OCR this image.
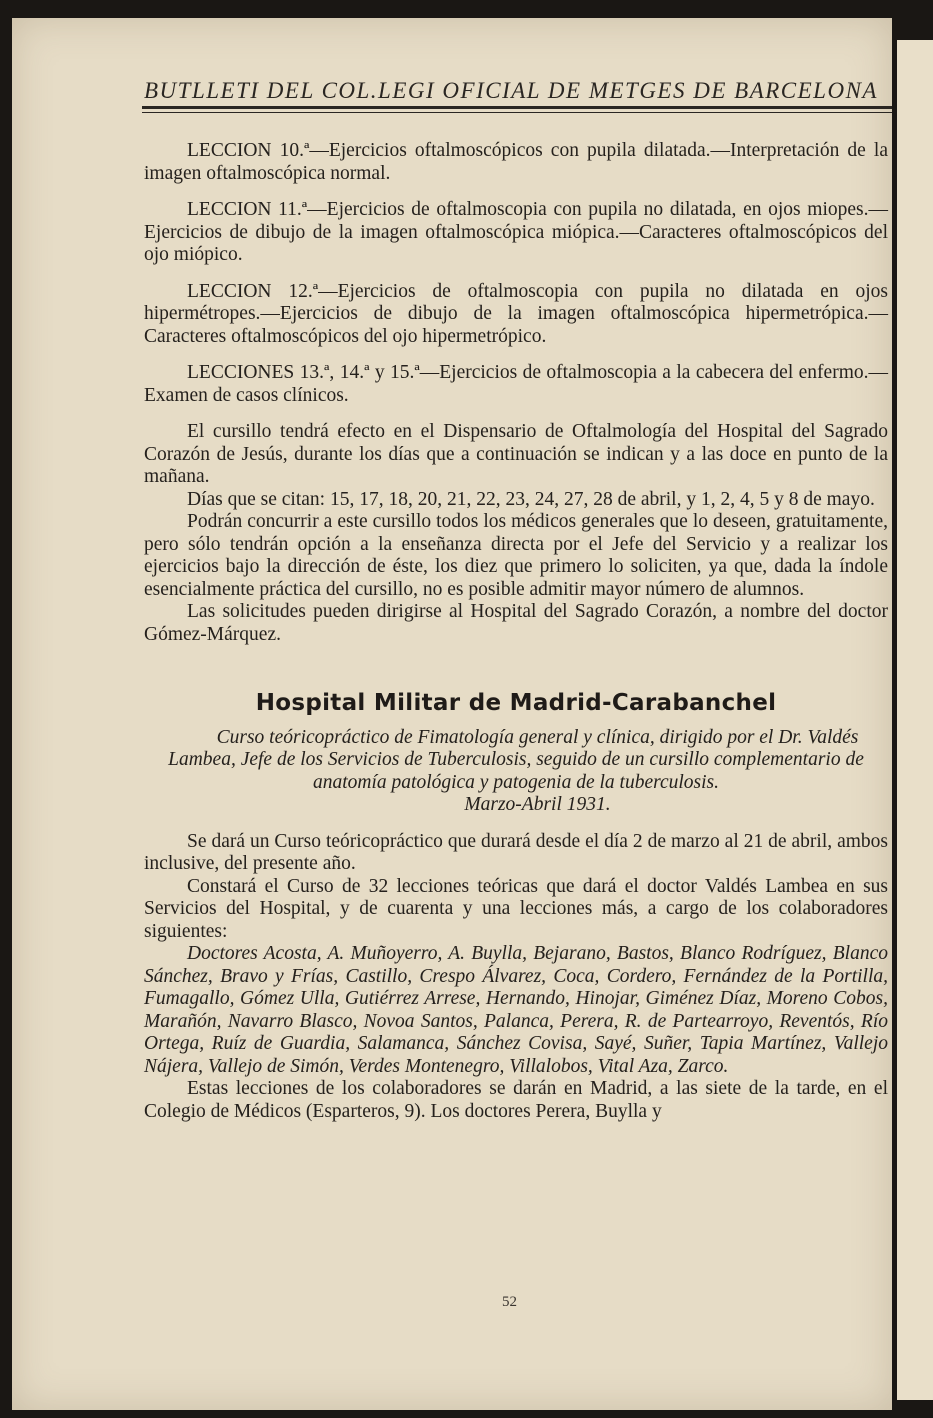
BUTLLETI DEL COL.LEGI OFICIAL DE METGES DE BARCELONA

LECCION 10.ª—Ejercicios oftalmoscópicos con pupila dilatada.—Interpretación de la imagen oftalmoscópica normal.

LECCION 11.ª—Ejercicios de oftalmoscopia con pupila no dilatada, en ojos miopes.—Ejercicios de dibujo de la imagen oftalmoscópica miópica.—Caracteres oftalmoscópicos del ojo miópico.

LECCION 12.ª—Ejercicios de oftalmoscopia con pupila no dilatada en ojos hipermétropes.—Ejercicios de dibujo de la imagen oftalmoscópica hipermetrópica.—Caracteres oftalmoscópicos del ojo hipermetrópico.

LECCIONES 13.ª, 14.ª y 15.ª—Ejercicios de oftalmoscopia a la cabecera del enfermo.—Examen de casos clínicos.

El cursillo tendrá efecto en el Dispensario de Oftalmología del Hospital del Sagrado Corazón de Jesús, durante los días que a continuación se indican y a las doce en punto de la mañana.

Días que se citan: 15, 17, 18, 20, 21, 22, 23, 24, 27, 28 de abril, y 1, 2, 4, 5 y 8 de mayo.

Podrán concurrir a este cursillo todos los médicos generales que lo deseen, gratuitamente, pero sólo tendrán opción a la enseñanza directa por el Jefe del Servicio y a realizar los ejercicios bajo la dirección de éste, los diez que primero lo soliciten, ya que, dada la índole esencialmente práctica del cursillo, no es posible admitir mayor número de alumnos.

Las solicitudes pueden dirigirse al Hospital del Sagrado Corazón, a nombre del doctor Gómez-Márquez.

Hospital Militar de Madrid-Carabanchel

Curso teóricopráctico de Fimatología general y clínica, dirigido por el Dr. Valdés Lambea, Jefe de los Servicios de Tuberculosis, seguido de un cursillo complementario de anatomía patológica y patogenia de la tuberculosis.

Marzo-Abril 1931.

Se dará un Curso teóricopráctico que durará desde el día 2 de marzo al 21 de abril, ambos inclusive, del presente año.

Constará el Curso de 32 lecciones teóricas que dará el doctor Valdés Lambea en sus Servicios del Hospital, y de cuarenta y una lecciones más, a cargo de los colaboradores siguientes:

Doctores Acosta, A. Muñoyerro, A. Buylla, Bejarano, Bastos, Blanco Rodríguez, Blanco Sánchez, Bravo y Frías, Castillo, Crespo Álvarez, Coca, Cordero, Fernández de la Portilla, Fumagallo, Gómez Ulla, Gutiérrez Arrese, Hernando, Hinojar, Giménez Díaz, Moreno Cobos, Marañón, Navarro Blasco, Novoa Santos, Palanca, Perera, R. de Partearroyo, Reventós, Río Ortega, Ruíz de Guardia, Salamanca, Sánchez Covisa, Sayé, Suñer, Tapia Martínez, Vallejo Nájera, Vallejo de Simón, Verdes Montenegro, Villalobos, Vital Aza, Zarco.

Estas lecciones de los colaboradores se darán en Madrid, a las siete de la tarde, en el Colegio de Médicos (Esparteros, 9). Los doctores Perera, Buylla y

52
